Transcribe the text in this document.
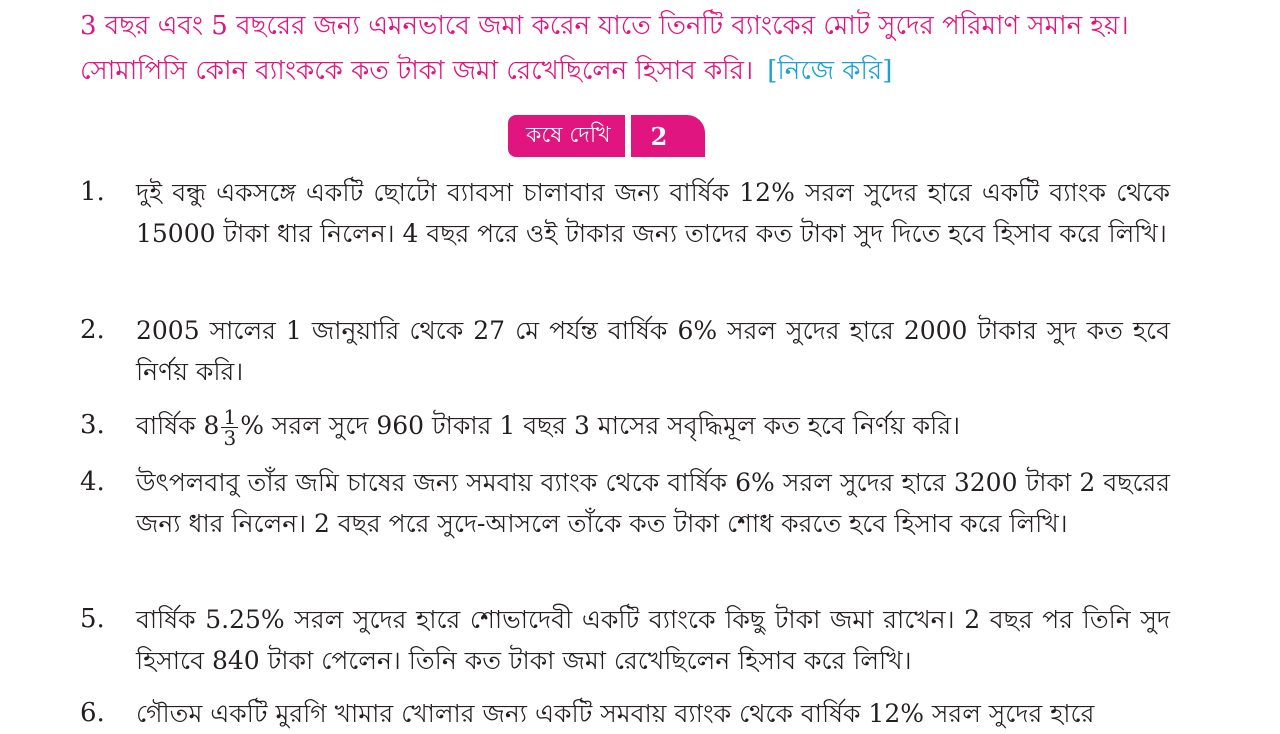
3 বছর এবং 5 বছরের জন্য এমনভাবে জমা করেন যাতে তিনটি ব্যাংকের মোট সুদের পরিমাণ সমান হয়।
সোমাপিসি কোন ব্যাংককে কত টাকা জমা রেখেছিলেন হিসাব করি। [নিজে করি]
কষে দেখি	2
1. দুই বন্ধু একসঙ্গে একটি ছোটো ব্যাবসা চালাবার জন্য বার্ষিক 12% সরল সুদের হারে একটি ব্যাংক থেকে 15000 টাকা ধার নিলেন। 4 বছর পরে ওই টাকার জন্য তাদের কত টাকা সুদ দিতে হবে হিসাব করে লিখি।
2. 2005 সালের 1 জানুয়ারি থেকে 27 মে পর্যন্ত বার্ষিক 6% সরল সুদের হারে 2000 টাকার সুদ কত হবে নির্ণয় করি।
3. বার্ষিক $8 \frac{1}{3}$ % সরল সুদে 960 টাকার 1 বছর 3 মাসের সবৃদ্ধিমূল কত হবে নির্ণয় করি।
4. উৎপলবাবু তাঁর জমি চাষের জন্য সমবায় ব্যাংক থেকে বার্ষিক 6% সরল সুদের হারে 3200 টাকা 2 বছরের জন্য ধার নিলেন। 2 বছর পরে সুদে-আসলে তাঁকে কত টাকা শোধ করতে হবে হিসাব করে লিখি।
5. বার্ষিক 5.25% সরল সুদের হারে শোভাদেবী একটি ব্যাংকে কিছু টাকা জমা রাখেন। 2 বছর পর তিনি সুদ হিসাবে 840 টাকা পেলেন। তিনি কত টাকা জমা রেখেছিলেন হিসাব করে লিখি।
6. গৌতম একটি মুরগি খামার খোলার জন্য একটি সমবায় ব্যাংক থেকে বার্ষিক 12% সরল সুদের হারে
